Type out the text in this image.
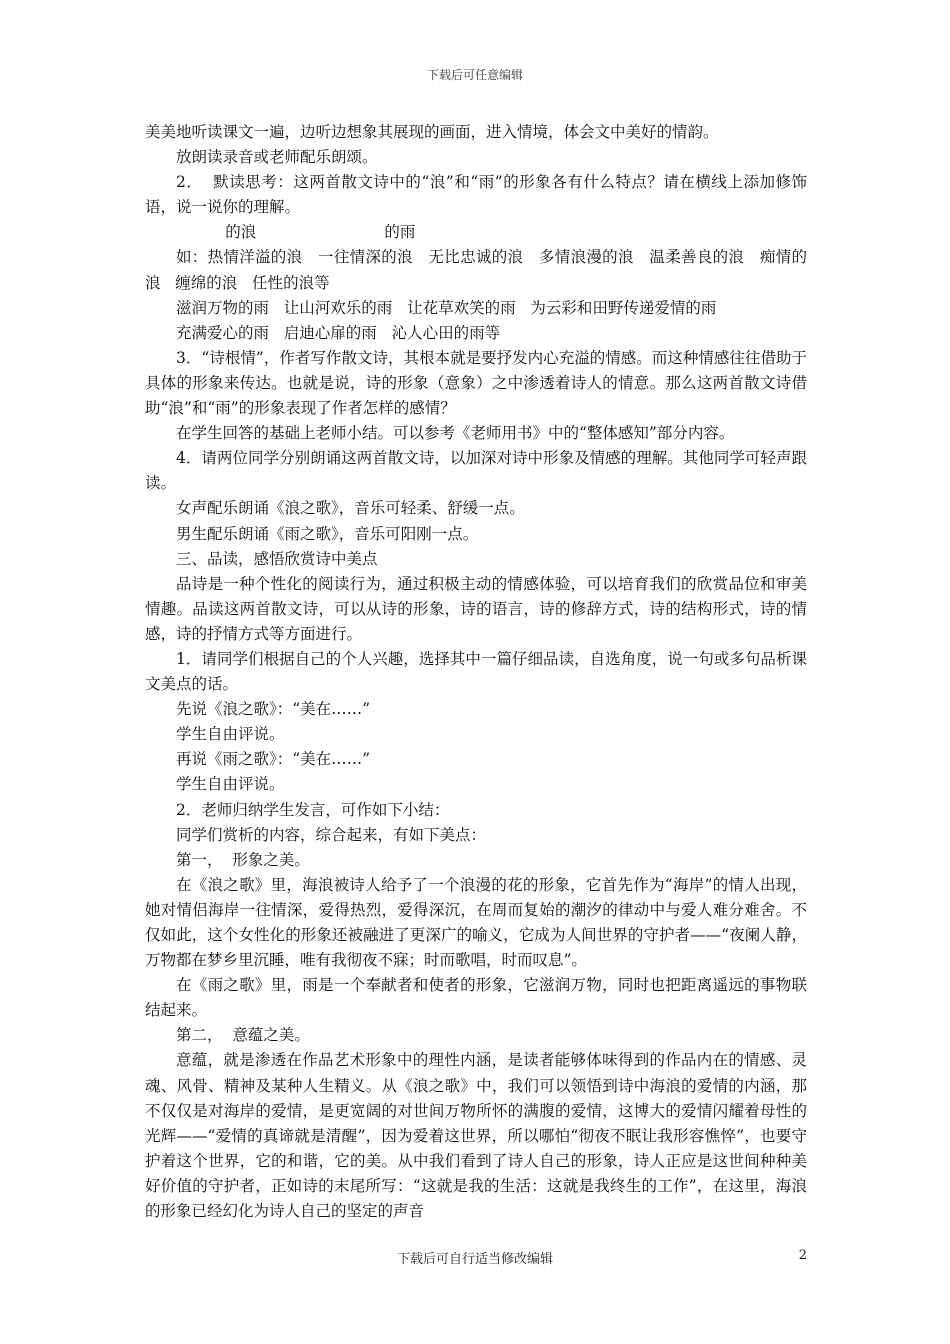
下载后可任意编辑

美美地听读课文一遍，边听边想象其展现的画面，进入情境，体会文中美好的情韵。

放朗读录音或老师配乐朗颂。

2．  默读思考：这两首散文诗中的“浪”和“雨”的形象各有什么特点？请在横线上添加修饰语，说一说你的理解。

的浪                          的雨

如：热情洋溢的浪   一往情深的浪   无比忠诚的浪   多情浪漫的浪   温柔善良的浪   痴情的浪   缠绵的浪   任性的浪等

滋润万物的雨   让山河欢乐的雨   让花草欢笑的雨   为云彩和田野传递爱情的雨

充满爱心的雨   启迪心扉的雨   沁人心田的雨等

3．“诗根情”，作者写作散文诗，其根本就是要抒发内心充溢的情感。而这种情感往往借助于具体的形象来传达。也就是说，诗的形象（意象）之中渗透着诗人的情意。那么这两首散文诗借助“浪”和“雨”的形象表现了作者怎样的感情？

在学生回答的基础上老师小结。可以参考《老师用书》中的“整体感知”部分内容。

4．请两位同学分别朗诵这两首散文诗，以加深对诗中形象及情感的理解。其他同学可轻声跟读。

女声配乐朗诵《浪之歌》，音乐可轻柔、舒缓一点。

男生配乐朗诵《雨之歌》，音乐可阳刚一点。

三、品读，感悟欣赏诗中美点

品诗是一种个性化的阅读行为，通过积极主动的情感体验，可以培育我们的欣赏品位和审美情趣。品读这两首散文诗，可以从诗的形象，诗的语言，诗的修辞方式，诗的结构形式，诗的情感，诗的抒情方式等方面进行。

1．请同学们根据自己的个人兴趣，选择其中一篇仔细品读，自选角度，说一句或多句品析课文美点的话。

先说《浪之歌》：“美在……”

学生自由评说。

再说《雨之歌》：“美在……”

学生自由评说。

2．老师归纳学生发言，可作如下小结：

同学们赏析的内容，综合起来，有如下美点：

第一，  形象之美。

在《浪之歌》里，海浪被诗人给予了一个浪漫的花的形象，它首先作为“海岸”的情人出现，她对情侣海岸一往情深，爱得热烈，爱得深沉，在周而复始的潮汐的律动中与爱人难分难舍。不仅如此，这个女性化的形象还被融进了更深广的喻义，它成为人间世界的守护者——“夜阑人静，万物都在梦乡里沉睡，唯有我彻夜不寐；时而歌唱，时而叹息”。

在《雨之歌》里，雨是一个奉献者和使者的形象，它滋润万物，同时也把距离遥远的事物联结起来。

第二，  意蕴之美。

意蕴，就是渗透在作品艺术形象中的理性内涵，是读者能够体味得到的作品内在的情感、灵魂、风骨、精神及某种人生精义。从《浪之歌》中，我们可以领悟到诗中海浪的爱情的内涵，那不仅仅是对海岸的爱情，是更宽阔的对世间万物所怀的满腹的爱情，这博大的爱情闪耀着母性的光辉——“爱情的真谛就是清醒”，因为爱着这世界，所以哪怕“彻夜不眠让我形容憔悴”，也要守护着这个世界，它的和谐，它的美。从中我们看到了诗人自己的形象，诗人正应是这世间种种美好价值的守护者，正如诗的末尾所写：“这就是我的生活：这就是我终生的工作”，在这里，海浪的形象已经幻化为诗人自己的坚定的声音

下载后可自行适当修改编辑	2
